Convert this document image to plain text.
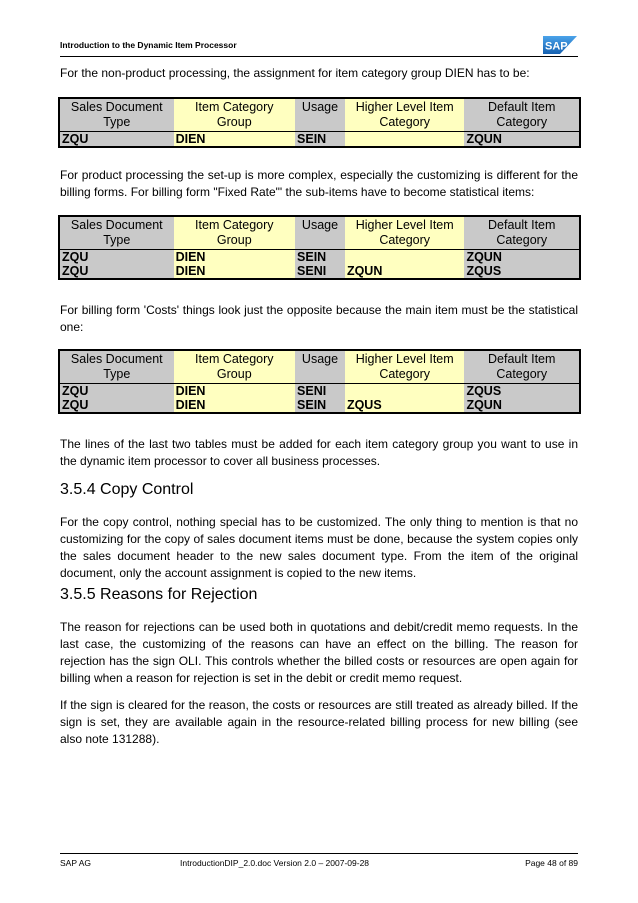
Introduction to the Dynamic Item Processor	SAP

For the non-product processing, the assignment for item category group DIEN has to be:

Sales Document Type	Item Category Group	Usage	Higher Level Item Category	Default Item Category
ZQU	DIEN	SEIN		ZQUN

For product processing the set-up is more complex, especially the customizing is different for the billing forms. For billing form "Fixed Rate"' the sub-items have to become statistical items:

Sales Document Type	Item Category Group	Usage	Higher Level Item Category	Default Item Category
ZQU	DIEN	SEIN		ZQUN
ZQU	DIEN	SENI	ZQUN	ZQUS

For billing form 'Costs' things look just the opposite because the main item must be the statistical one:

Sales Document Type	Item Category Group	Usage	Higher Level Item Category	Default Item Category
ZQU	DIEN	SENI		ZQUS
ZQU	DIEN	SEIN	ZQUS	ZQUN

The lines of the last two tables must be added for each item category group you want to use in the dynamic item processor to cover all business processes.

3.5.4 Copy Control

For the copy control, nothing special has to be customized. The only thing to mention is that no customizing for the copy of sales document items must be done, because the system copies only the sales document header to the new sales document type. From the item of the original document, only the account assignment is copied to the new items.

3.5.5 Reasons for Rejection

The reason for rejections can be used both in quotations and debit/credit memo requests. In the last case, the customizing of the reasons can have an effect on the billing. The reason for rejection has the sign OLI. This controls whether the billed costs or resources are open again for billing when a reason for rejection is set in the debit or credit memo request.

If the sign is cleared for the reason, the costs or resources are still treated as already billed. If the sign is set, they are available again in the resource-related billing process for new billing (see also note 131288).

SAP AG	IntroductionDIP_2.0.doc Version 2.0 – 2007-09-28	Page 48 of 89
